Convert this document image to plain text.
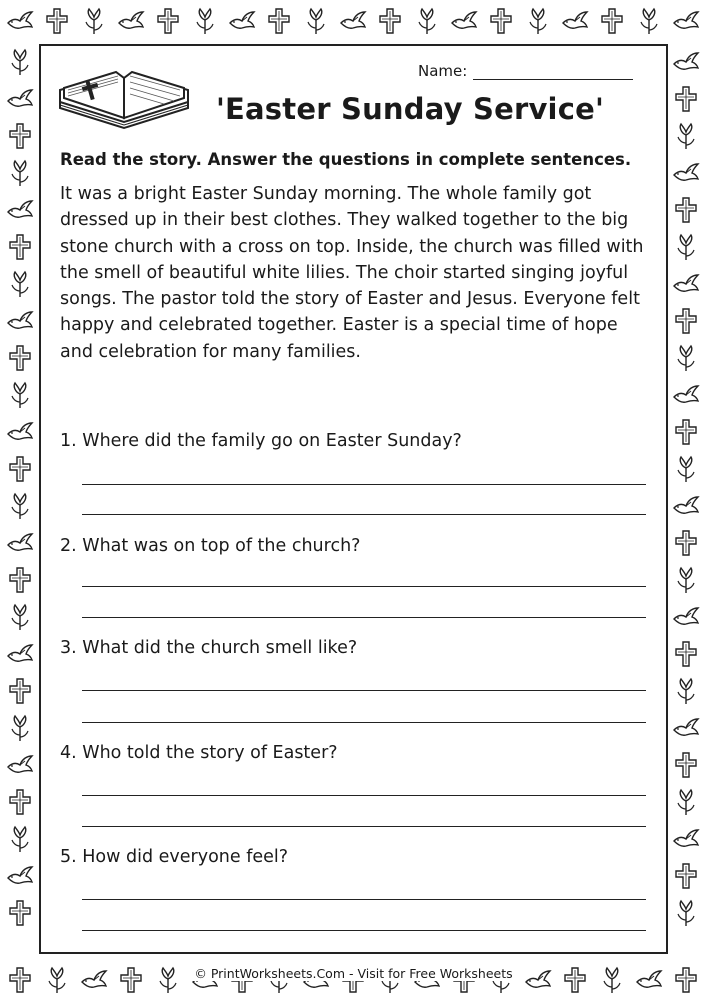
Name:
'Easter Sunday Service'
Read the story. Answer the questions in complete sentences.
It was a bright Easter Sunday morning. The whole family got dressed up in their best clothes. They walked together to the big stone church with a cross on top. Inside, the church was filled with the smell of beautiful white lilies. The choir started singing joyful songs. The pastor told the story of Easter and Jesus. Everyone felt happy and celebrated together. Easter is a special time of hope and celebration for many families.
1. Where did the family go on Easter Sunday?
2. What was on top of the church?
3. What did the church smell like?
4. Who told the story of Easter?
5. How did everyone feel?
© PrintWorksheets.Com - Visit for Free Worksheets
